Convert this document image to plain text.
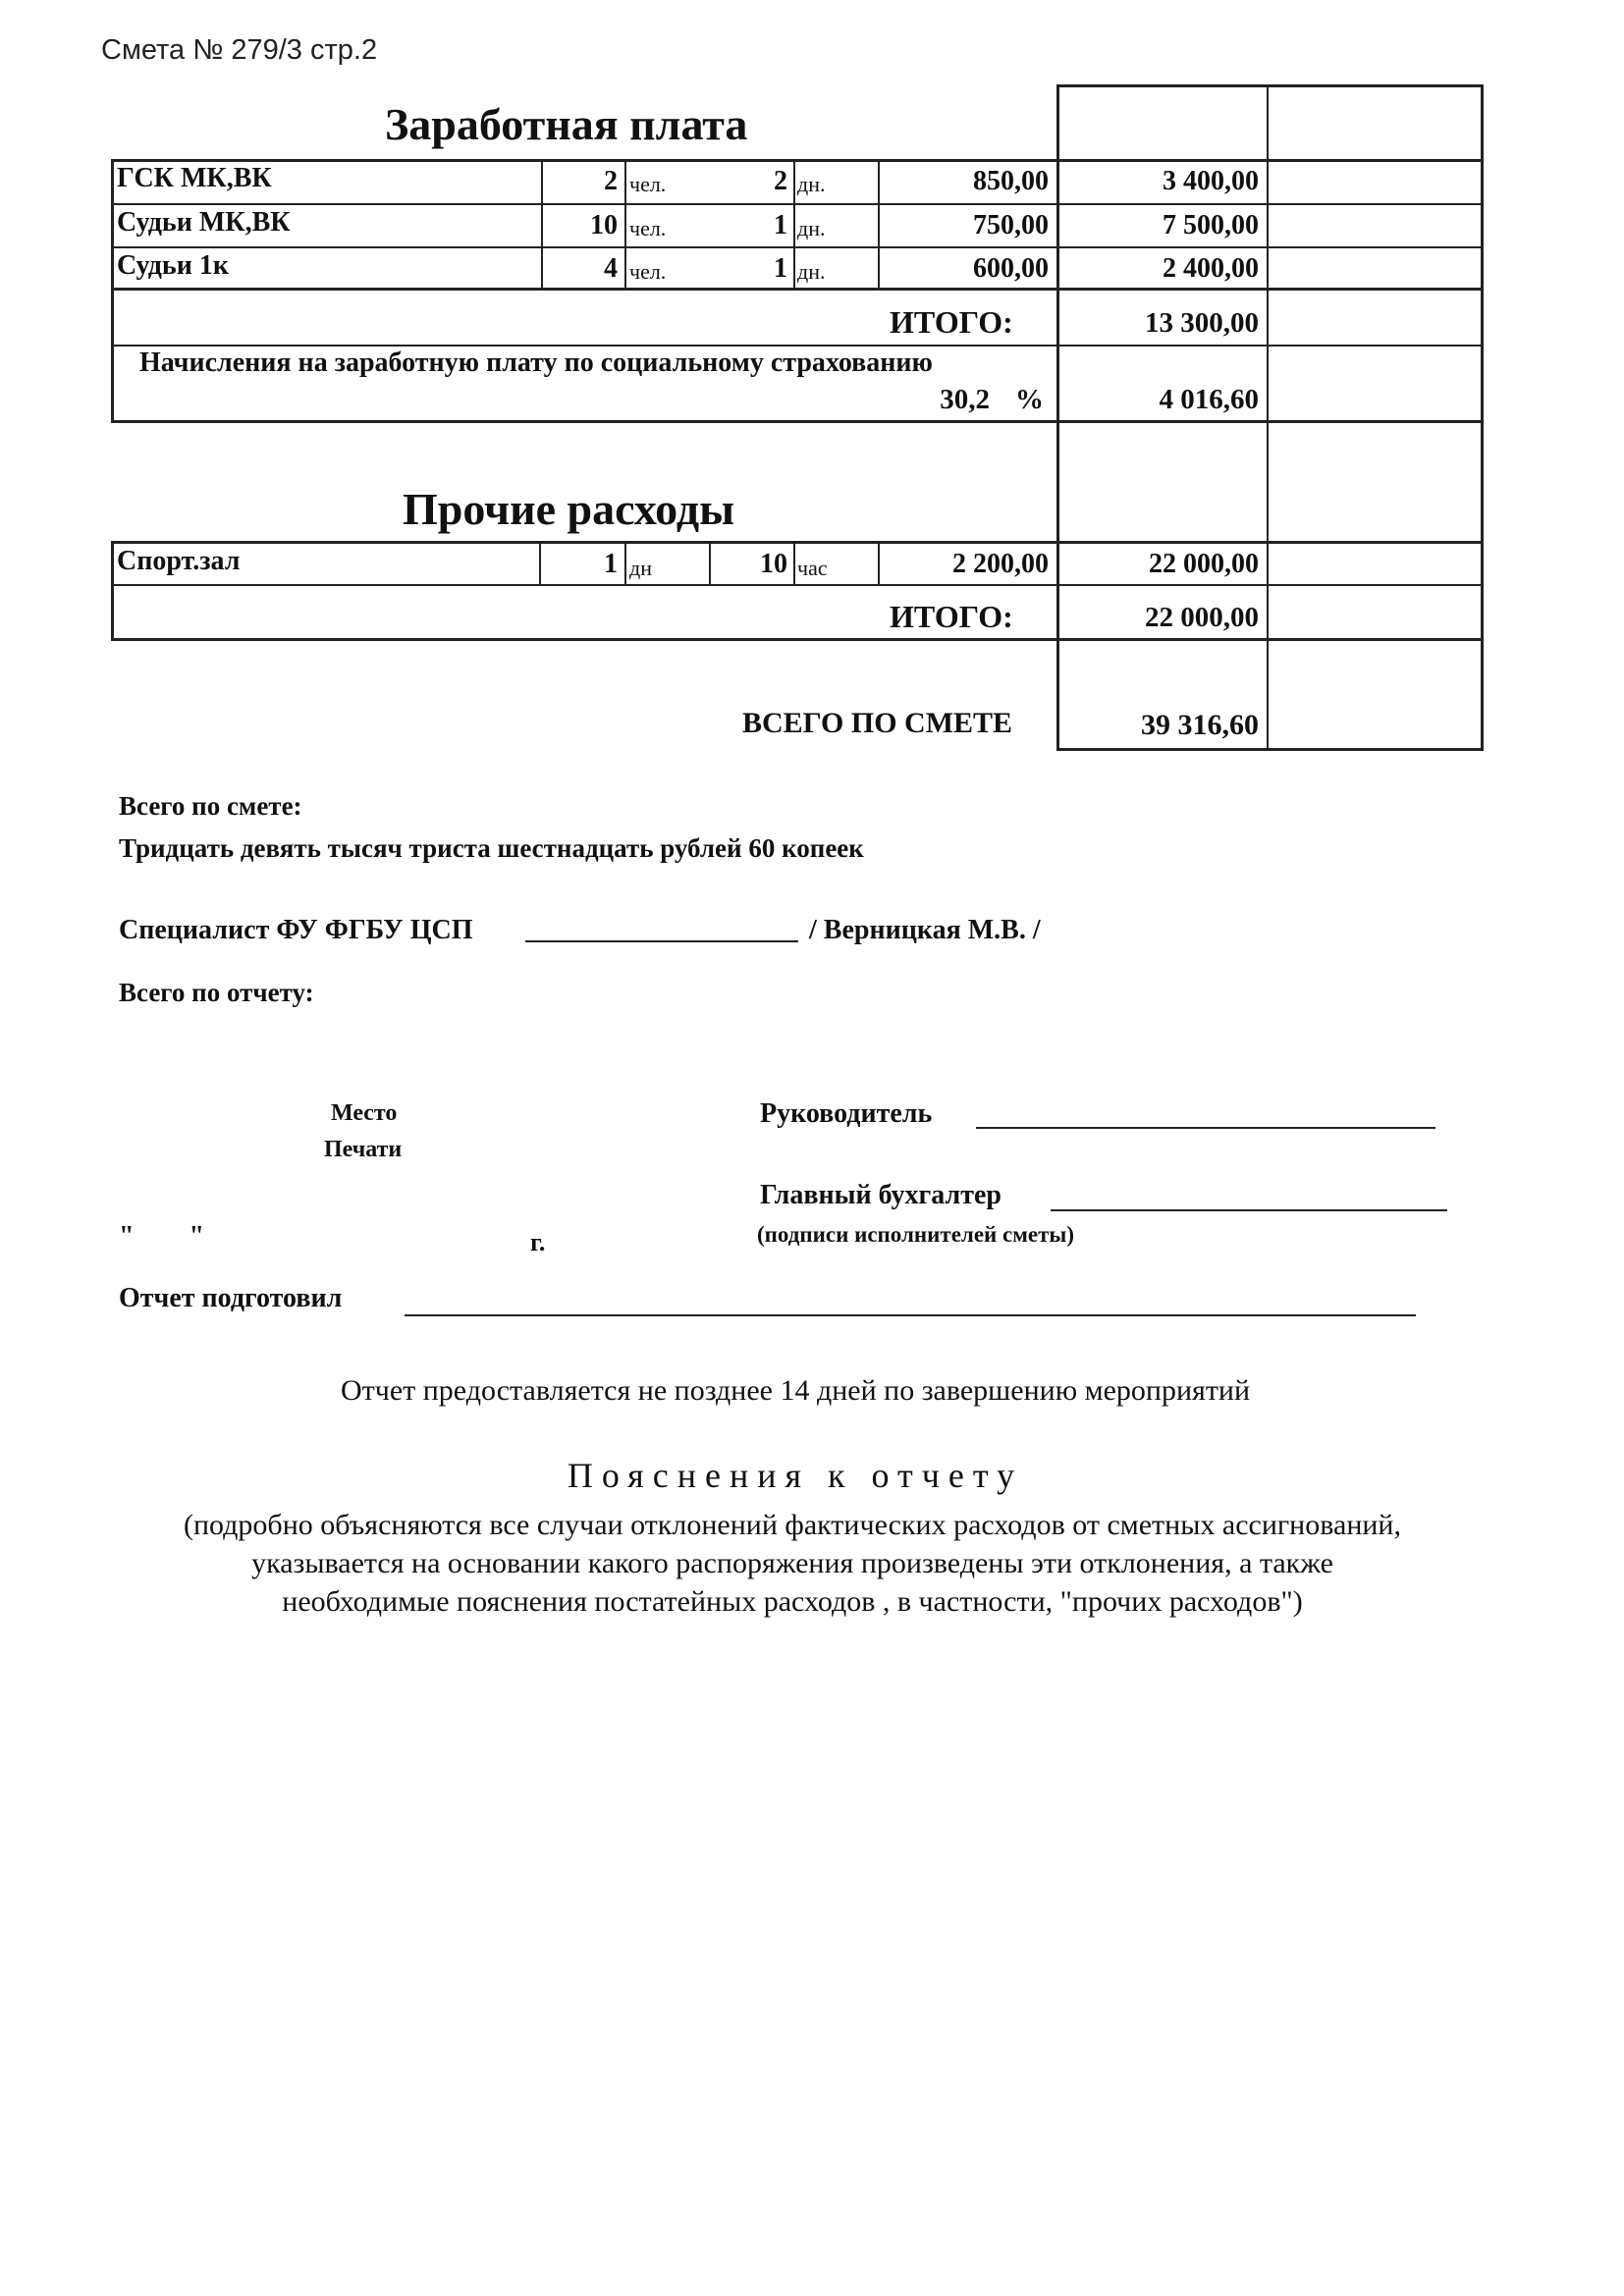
Смета № 279/3 стр.2
Заработная плата
ГСК МК,ВК	2 чел.	2 дн.	850,00	3 400,00
Судьи МК,ВК	10 чел.	1 дн.	750,00	7 500,00
Судьи 1к	4 чел.	1 дн.	600,00	2 400,00
ИТОГО:	13 300,00
Начисления на заработную плату по социальному страхованию
30,2 %	4 016,60
Прочие расходы
Спорт.зал	1 дн	10 час	2 200,00	22 000,00
ИТОГО:	22 000,00
ВСЕГО ПО СМЕТЕ	39 316,60
Всего по смете:
Тридцать девять тысяч триста шестнадцать рублей 60 копеек
Специалист ФУ ФГБУ ЦСП	/ Верницкая М.В. /
Всего по отчету:
Место
Печати
Руководитель
Главный бухгалтер
(подписи исполнителей сметы)
"        "	г.
Отчет подготовил
Отчет предоставляется не позднее 14 дней по завершению мероприятий
Пояснения к отчету
(подробно объясняются все случаи отклонений фактических расходов от сметных ассигнований,
указывается на основании какого распоряжения произведены эти отклонения, а также
необходимые пояснения постатейных расходов , в частности, "прочих расходов")
